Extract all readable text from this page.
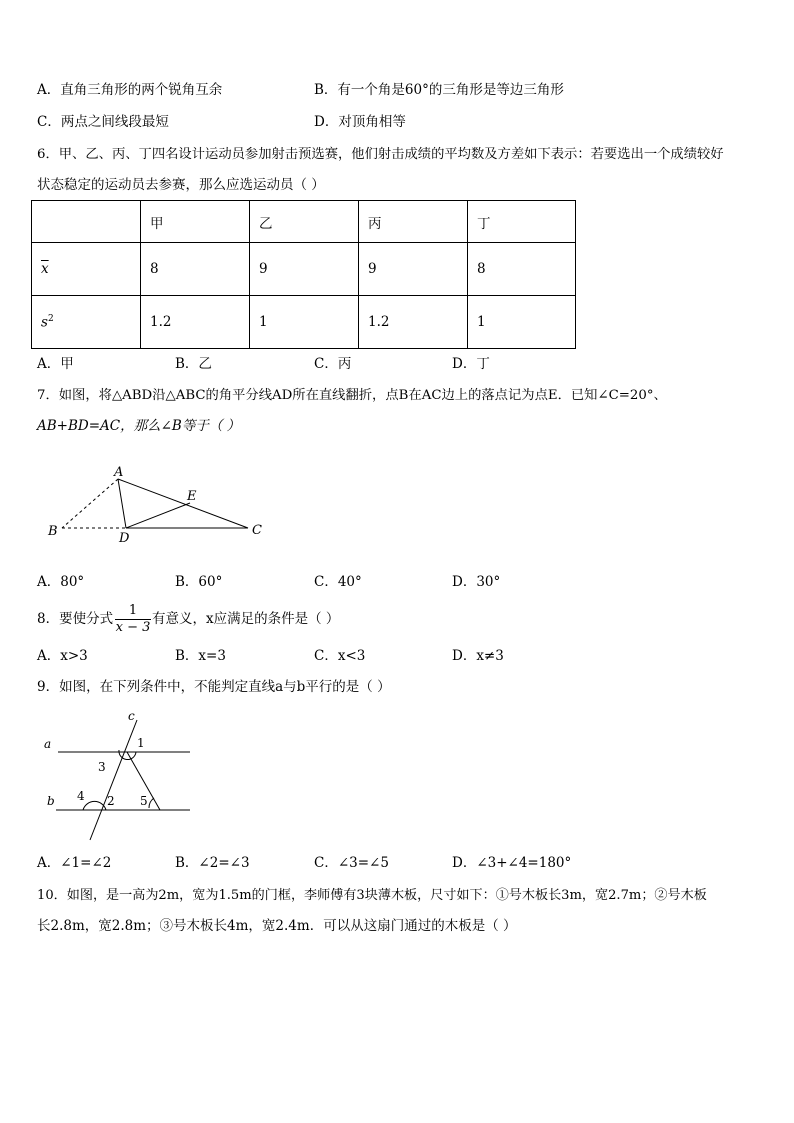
A．直角三角形的两个锐角互余	B．有一个角是60°的三角形是等边三角形
C．两点之间线段最短	D．对顶角相等
6．甲、乙、丙、丁四名设计运动员参加射击预选赛，他们射击成绩的平均数及方差如下表示：若要选出一个成绩较好
状态稳定的运动员去参赛，那么应选运动员（ ）
	甲	乙	丙	丁
$\overline{x}$	8	9	9	8
$s^2$	1.2	1	1.2	1
A．甲	B．乙	C．丙	D．丁
7．如图，将△ABD沿△ABC的角平分线AD所在直线翻折，点B在AC边上的落点记为点E．已知∠C=20°、
AB+BD=AC，那么∠B等于（ ）
A
B	C
D
E
A．80°	B．60°	C．40°	D．30°
8．要使分式
1
x − 3
有意义，x应满足的条件是（ ）
A．x>3	B．x=3	C．x<3	D．x≠3
9．如图，在下列条件中，不能判定直线a与b平行的是（ ）
a
b
c
1
2
3
4	5
A．∠1=∠2	B．∠2=∠3	C．∠3=∠5	D．∠3+∠4=180°
10．如图，是一高为2m，宽为1.5m的门框，李师傅有3块薄木板，尺寸如下：①号木板长3m，宽2.7m；②号木板
长2.8m，宽2.8m；③号木板长4m，宽2.4m．可以从这扇门通过的木板是（ ）
